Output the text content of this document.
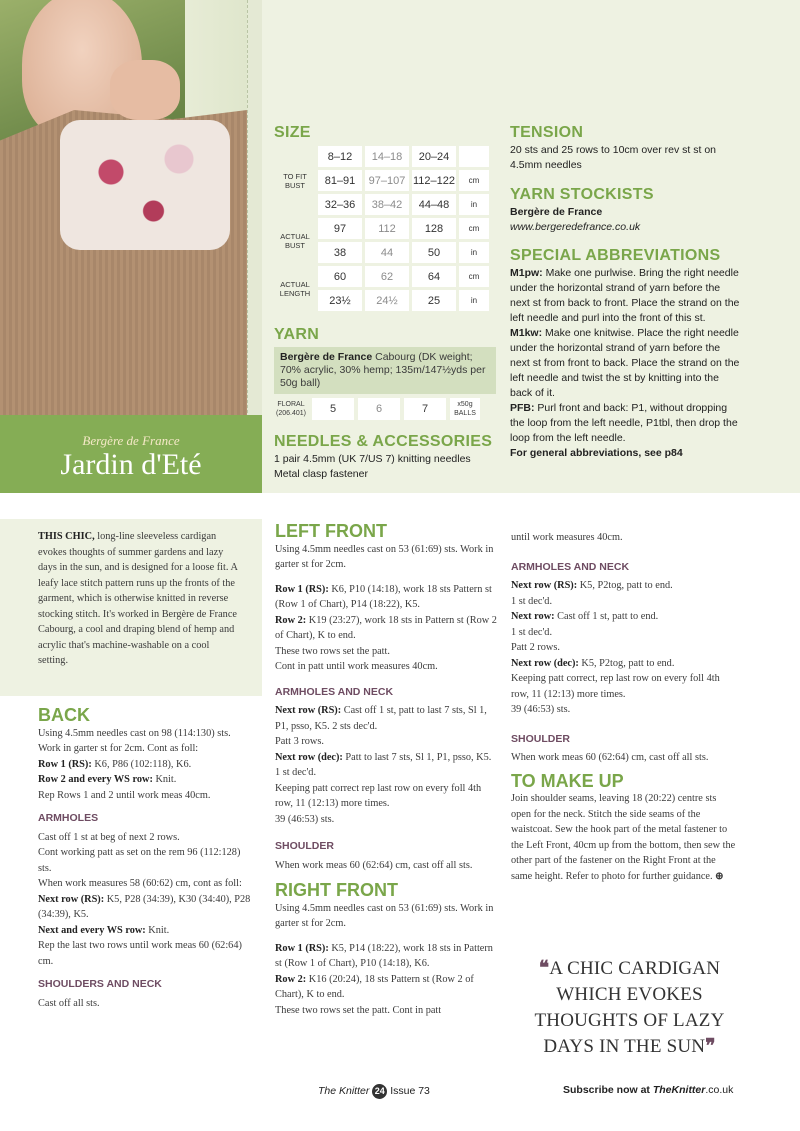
Bergère de France
Jardin d'Eté
SIZE
TO FIT BUST	8–12	14–18	20–24	
	81–91	97–107	112–122	cm
	32–36	38–42	44–48	in
ACTUAL BUST	97	112	128	cm
	38	44	50	in
ACTUAL LENGTH	60	62	64	cm
	23½	24½	25	in
YARN
Bergère de France Cabourg (DK weight; 70% acrylic, 30% hemp; 135m/147½yds per 50g ball)
FLORAL (206.401)	5	6	7	x50g BALLS
NEEDLES & ACCESSORIES
1 pair 4.5mm (UK 7/US 7) knitting needles
Metal clasp fastener
TENSION
20 sts and 25 rows to 10cm over rev st st on 4.5mm needles
YARN STOCKISTS
Bergère de France
www.bergeredefrance.co.uk
SPECIAL ABBREVIATIONS
M1pw: Make one purlwise. Bring the right needle under the horizontal strand of yarn before the next st from back to front. Place the strand on the left needle and purl into the front of this st.
M1kw: Make one knitwise. Place the right needle under the horizontal strand of yarn before the next st from front to back. Place the strand on the left needle and twist the st by knitting into the back of it.
PFB: Purl front and back: P1, without dropping the loop from the left needle, P1tbl, then drop the loop from the left needle.
For general abbreviations, see p84
THIS CHIC, long-line sleeveless cardigan evokes thoughts of summer gardens and lazy days in the sun, and is designed for a loose fit. A leafy lace stitch pattern runs up the fronts of the garment, which is otherwise knitted in reverse stocking stitch. It's worked in Bergère de France Cabourg, a cool and draping blend of hemp and acrylic that's machine-washable on a cool setting.
BACK

Using 4.5mm needles cast on 98 (114:130) sts.

Work in garter st for 2cm. Cont as foll:

Row 1 (RS): K6, P86 (102:118), K6.

Row 2 and every WS row: Knit.

Rep Rows 1 and 2 until work meas 40cm.

ARMHOLES

Cast off 1 st at beg of next 2 rows.

Cont working patt as set on the rem 96 (112:128) sts.

When work measures 58 (60:62) cm, cont as foll:

Next row (RS): K5, P28 (34:39), K30 (34:40), P28 (34:39), K5.

Next and every WS row: Knit.

Rep the last two rows until work meas 60 (62:64) cm.

SHOULDERS AND NECK

Cast off all sts.

LEFT FRONT

Using 4.5mm needles cast on 53 (61:69) sts. Work in garter st for 2cm.

Row 1 (RS): K6, P10 (14:18), work 18 sts Pattern st (Row 1 of Chart), P14 (18:22), K5.

Row 2: K19 (23:27), work 18 sts in Pattern st (Row 2 of Chart), K to end.

These two rows set the patt.

Cont in patt until work measures 40cm.

ARMHOLES AND NECK

Next row (RS): Cast off 1 st, patt to last 7 sts, Sl 1, P1, psso, K5. 2 sts dec'd.

Patt 3 rows.

Next row (dec): Patt to last 7 sts, Sl 1, P1, psso, K5. 1 st dec'd.

Keeping patt correct rep last row on every foll 4th row, 11 (12:13) more times.

39 (46:53) sts.

SHOULDER

When work meas 60 (62:64) cm, cast off all sts.

RIGHT FRONT

Using 4.5mm needles cast on 53 (61:69) sts. Work in garter st for 2cm.

Row 1 (RS): K5, P14 (18:22), work 18 sts in Pattern st (Row 1 of Chart), P10 (14:18), K6.

Row 2: K16 (20:24), 18 sts Pattern st (Row 2 of Chart), K to end.

These two rows set the patt. Cont in patt

until work measures 40cm.

ARMHOLES AND NECK

Next row (RS): K5, P2tog, patt to end.

1 st dec'd.

Next row: Cast off 1 st, patt to end.

1 st dec'd.

Patt 2 rows.

Next row (dec): K5, P2tog, patt to end.

Keeping patt correct, rep last row on every foll 4th row, 11 (12:13) more times.

39 (46:53) sts.

SHOULDER

When work meas 60 (62:64) cm, cast off all sts.

TO MAKE UP

Join shoulder seams, leaving 18 (20:22) centre sts open for the neck. Stitch the side seams of the waistcoat. Sew the hook part of the metal fastener to the Left Front, 40cm up from the bottom, then sew the other part of the fastener on the Right Front at the same height. Refer to photo for further guidance. ⊕

❝A CHIC CARDIGAN WHICH EVOKES THOUGHTS OF LAZY DAYS IN THE SUN❞
The Knitter 24 Issue 73	Subscribe now at TheKnitter.co.uk
